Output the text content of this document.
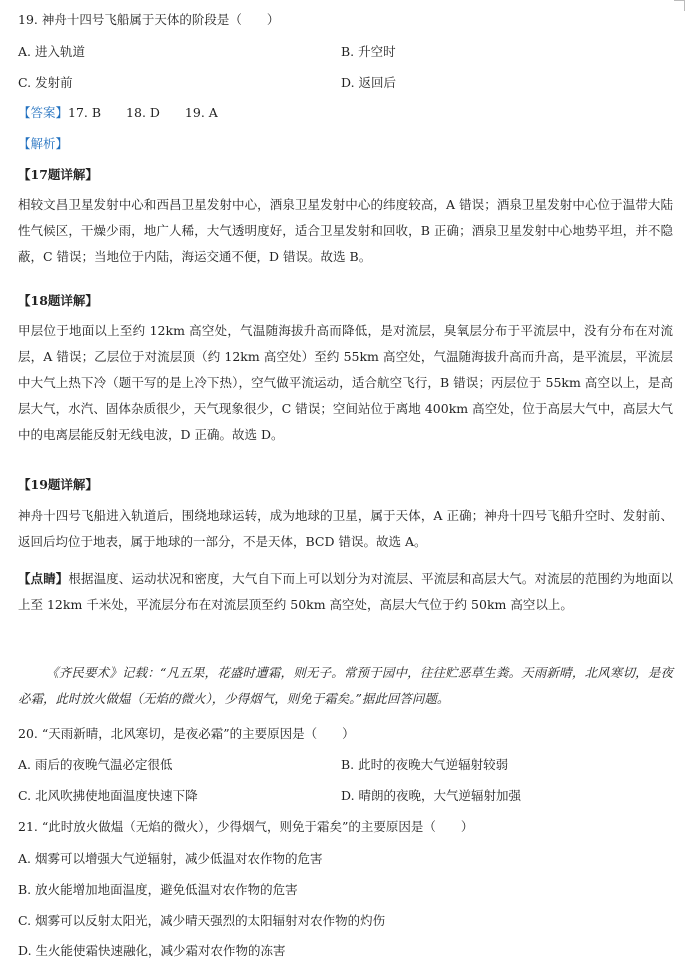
19. 神舟十四号飞船属于天体的阶段是（　　）
A. 进入轨道	B. 升空时
C. 发射前	D. 返回后
【答案】17. B　　18. D　　19. A
【解析】
【17题详解】
相较文昌卫星发射中心和西昌卫星发射中心，酒泉卫星发射中心的纬度较高，A 错误；酒泉卫星发射中心位于温带大陆性气候区，干燥少雨，地广人稀，大气透明度好，适合卫星发射和回收，B 正确；酒泉卫星发射中心地势平坦，并不隐蔽，C 错误；当地位于内陆，海运交通不便，D 错误。故选 B。
【18题详解】
甲层位于地面以上至约 12km 高空处，气温随海拔升高而降低，是对流层，臭氧层分布于平流层中，没有分布在对流层，A 错误；乙层位于对流层顶（约 12km 高空处）至约 55km 高空处，气温随海拔升高而升高，是平流层，平流层中大气上热下冷（题干写的是上冷下热），空气做平流运动，适合航空飞行，B 错误；丙层位于 55km 高空以上，是高层大气，水汽、固体杂质很少，天气现象很少，C 错误；空间站位于离地 400km 高空处，位于高层大气中，高层大气中的电离层能反射无线电波，D 正确。故选 D。
【19题详解】
神舟十四号飞船进入轨道后，围绕地球运转，成为地球的卫星，属于天体，A 正确；神舟十四号飞船升空时、发射前、返回后均位于地表，属于地球的一部分，不是天体，BCD 错误。故选 A。
【点睛】根据温度、运动状况和密度，大气自下而上可以划分为对流层、平流层和高层大气。对流层的范围约为地面以上至 12km 千米处，平流层分布在对流层顶至约 50km 高空处，高层大气位于约 50km 高空以上。
《齐民要术》记载：“凡五果，花盛时遭霜，则无子。常预于园中，往往贮恶草生粪。天雨新晴，北风寒切，是夜必霜，此时放火做煴（无焰的微火），少得烟气，则免于霜矣。”据此回答问题。
20. “天雨新晴，北风寒切，是夜必霜”的主要原因是（　　）
A. 雨后的夜晚气温必定很低	B. 此时的夜晚大气逆辐射较弱
C. 北风吹拂使地面温度快速下降	D. 晴朗的夜晚，大气逆辐射加强
21. “此时放火做煴（无焰的微火），少得烟气，则免于霜矣”的主要原因是（　　）
A. 烟雾可以增强大气逆辐射，减少低温对农作物的危害
B. 放火能增加地面温度，避免低温对农作物的危害
C. 烟雾可以反射太阳光，减少晴天强烈的太阳辐射对农作物的灼伤
D. 生火能使霜快速融化，减少霜对农作物的冻害
